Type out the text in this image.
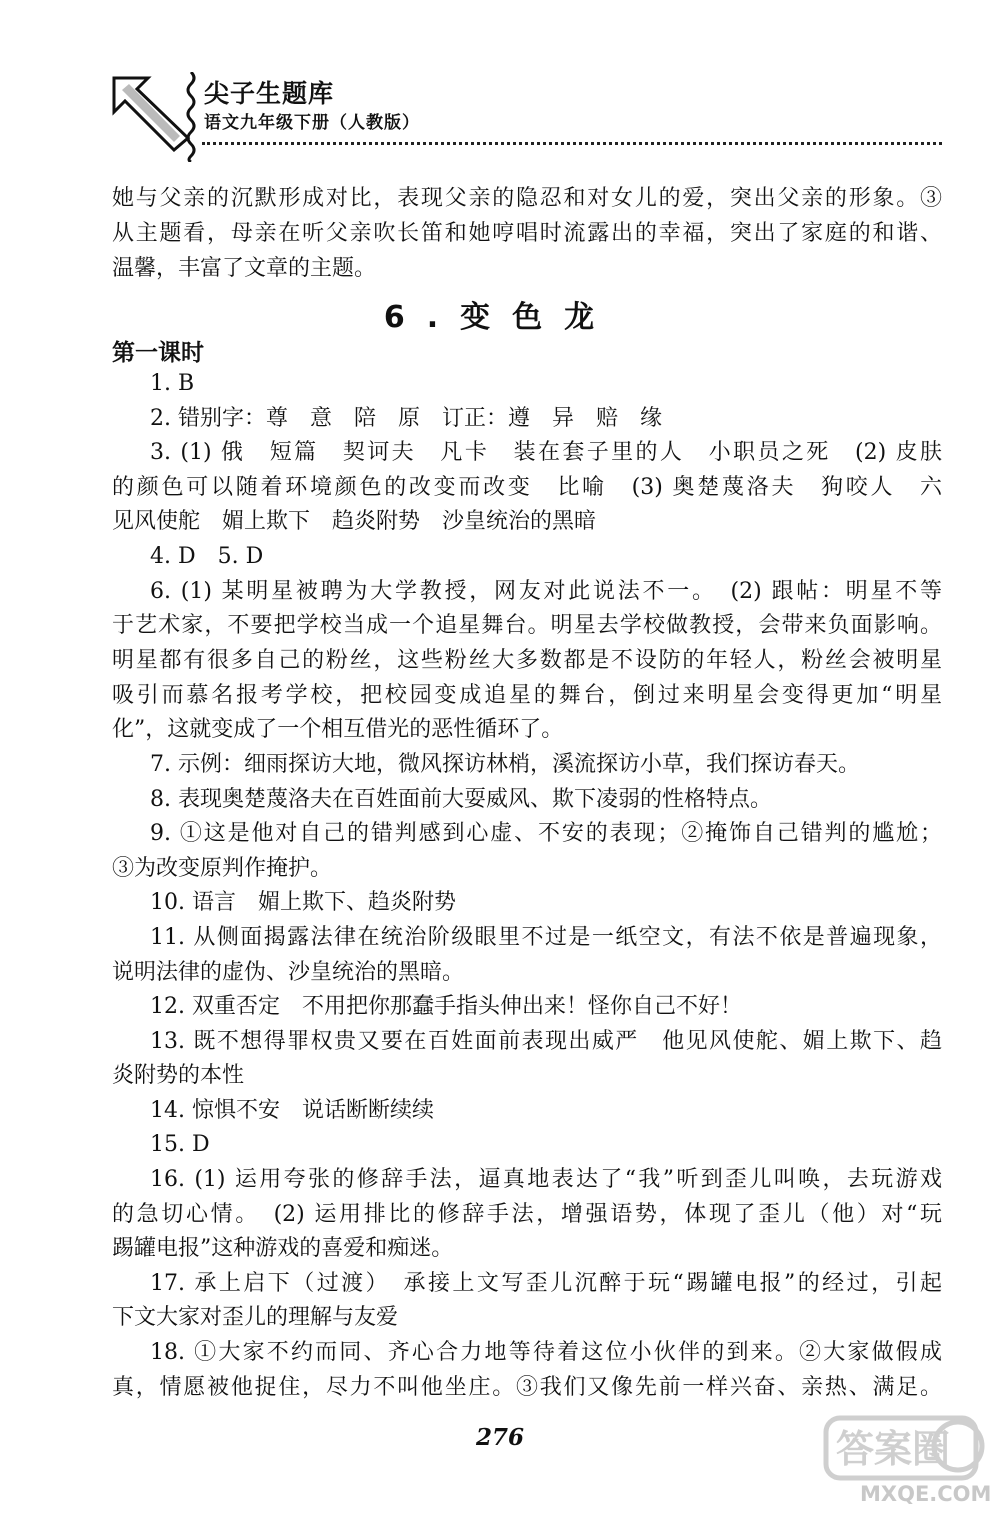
尖子生题库
语文九年级下册（人教版）
她与父亲的沉默形成对比，表现父亲的隐忍和对女儿的爱，突出父亲的形象。③
从主题看，母亲在听父亲吹长笛和她哼唱时流露出的幸福，突出了家庭的和谐、
温馨，丰富了文章的主题。
6.变色龙
第一课时
1. B
2. 错别字：尊　意　陪　原　订正：遵　异　赔　缘
3. (1) 俄　短篇　契诃夫　凡卡　装在套子里的人　小职员之死　(2) 皮肤
的颜色可以随着环境颜色的改变而改变　比喻　(3) 奥楚蔑洛夫　狗咬人　六
见风使舵　媚上欺下　趋炎附势　沙皇统治的黑暗
4. D　5. D
6. (1) 某明星被聘为大学教授，网友对此说法不一。　(2) 跟帖：明星不等
于艺术家，不要把学校当成一个追星舞台。明星去学校做教授，会带来负面影响。
明星都有很多自己的粉丝，这些粉丝大多数都是不设防的年轻人，粉丝会被明星
吸引而慕名报考学校，把校园变成追星的舞台，倒过来明星会变得更加“明星
化”，这就变成了一个相互借光的恶性循环了。
7. 示例：细雨探访大地，微风探访林梢，溪流探访小草，我们探访春天。
8. 表现奥楚蔑洛夫在百姓面前大耍威风、欺下凌弱的性格特点。
9. ①这是他对自己的错判感到心虚、不安的表现；②掩饰自己错判的尴尬；
③为改变原判作掩护。
10. 语言　媚上欺下、趋炎附势
11. 从侧面揭露法律在统治阶级眼里不过是一纸空文，有法不依是普遍现象，
说明法律的虚伪、沙皇统治的黑暗。
12. 双重否定　不用把你那蠢手指头伸出来！怪你自己不好！
13. 既不想得罪权贵又要在百姓面前表现出威严　他见风使舵、媚上欺下、趋
炎附势的本性
14. 惊惧不安　说话断断续续
15. D
16. (1) 运用夸张的修辞手法，逼真地表达了“我”听到歪儿叫唤，去玩游戏
的急切心情。　(2) 运用排比的修辞手法，增强语势，体现了歪儿（他）对“玩
踢罐电报”这种游戏的喜爱和痴迷。
17. 承上启下（过渡）　承接上文写歪儿沉醉于玩“踢罐电报”的经过，引起
下文大家对歪儿的理解与友爱
18. ①大家不约而同、齐心合力地等待着这位小伙伴的到来。②大家做假成
真，情愿被他捉住，尽力不叫他坐庄。③我们又像先前一样兴奋、亲热、满足。
276	答案圈
MXQE.COM
